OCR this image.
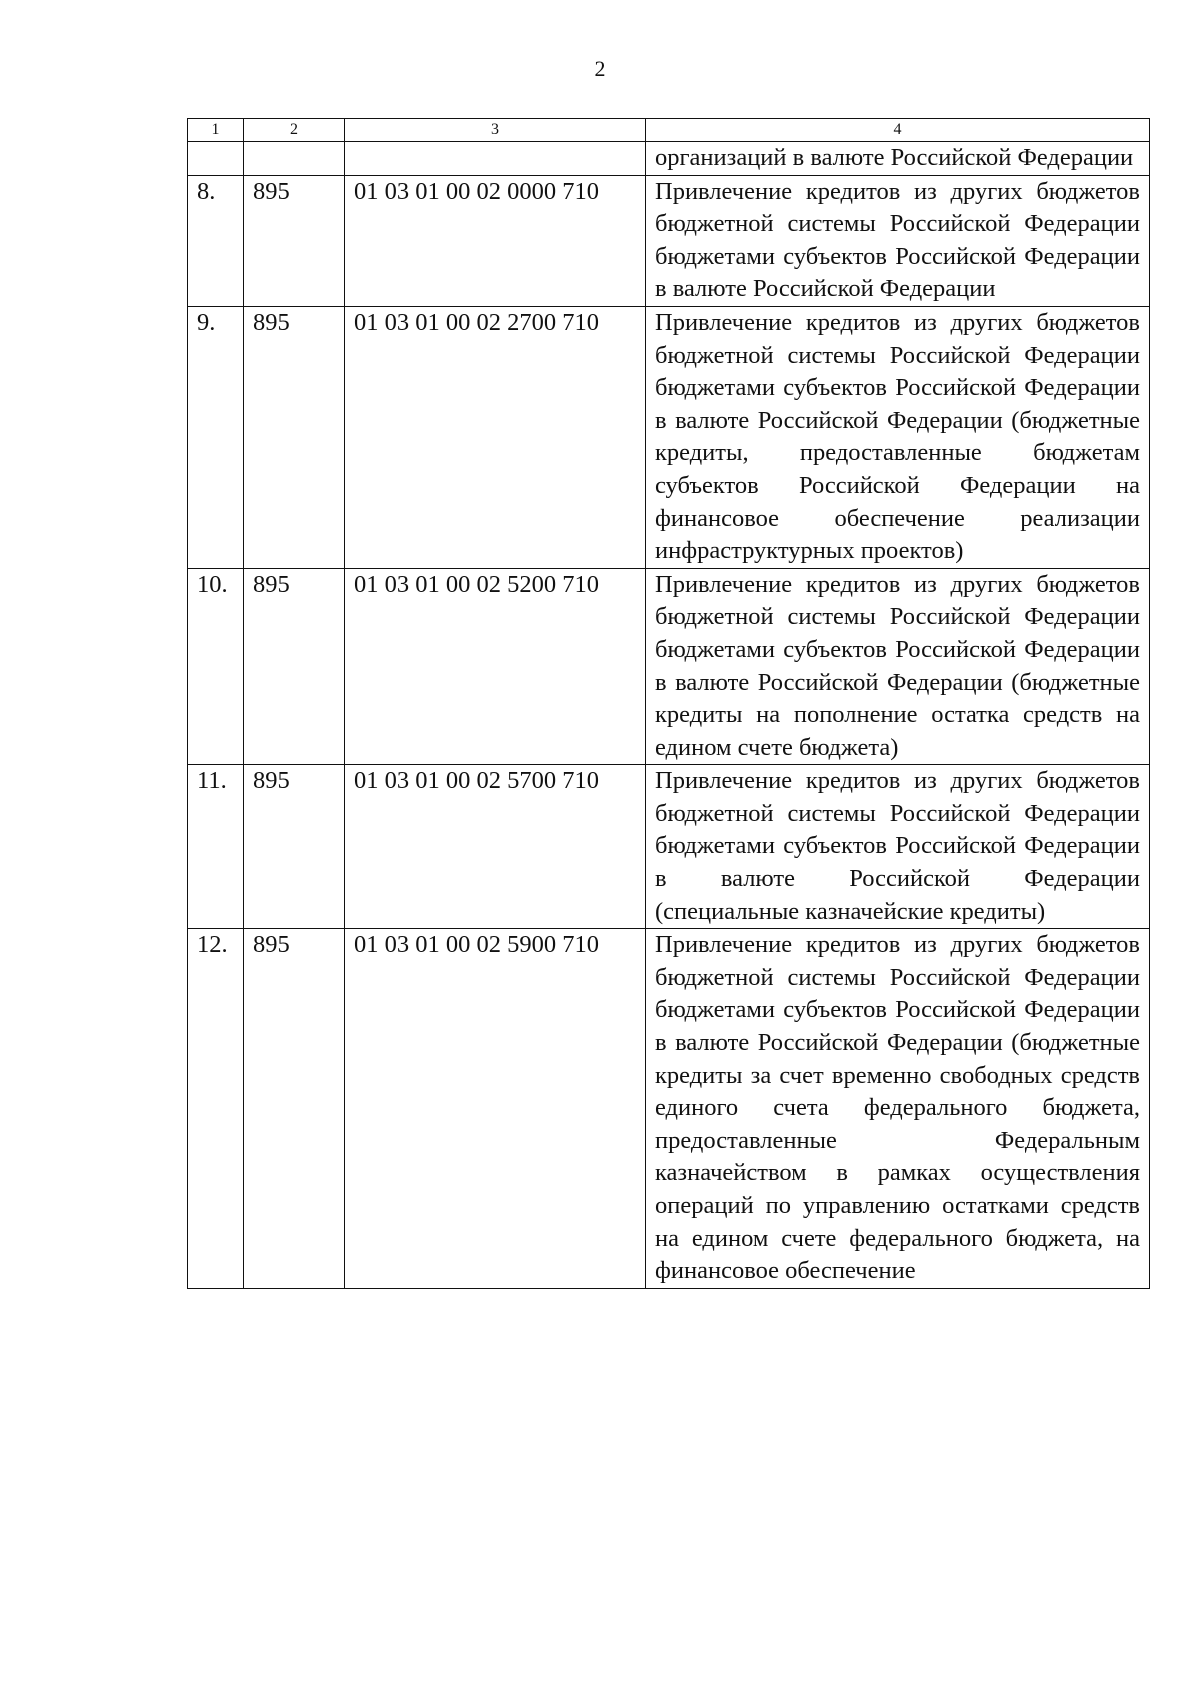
2
1	2	3	4
			организаций в валюте Российской Федерации
8.	895	01 03 01 00 02 0000 710	Привлечение кредитов из других бюджетов бюджетной системы Российской Федерации бюджетами субъектов Российской Федерации в валюте Российской Федерации
9.	895	01 03 01 00 02 2700 710	Привлечение кредитов из других бюджетов бюджетной системы Российской Федерации бюджетами субъектов Российской Федерации в валюте Российской Федерации (бюджетные кредиты, предоставленные бюджетам субъектов Российской Федерации на финансовое обеспечение реализации инфраструктурных проектов)
10.	895	01 03 01 00 02 5200 710	Привлечение кредитов из других бюджетов бюджетной системы Российской Федерации бюджетами субъектов Российской Федерации в валюте Российской Федерации (бюджетные кредиты на пополнение остатка средств на едином счете бюджета)
11.	895	01 03 01 00 02 5700 710	Привлечение кредитов из других бюджетов бюджетной системы Российской Федерации бюджетами субъектов Российской Федерации в валюте Российской Федерации (специальные казначейские кредиты)
12.	895	01 03 01 00 02 5900 710	Привлечение кредитов из других бюджетов бюджетной системы Российской Федерации бюджетами субъектов Российской Федерации в валюте Российской Федерации (бюджетные кредиты за счет временно свободных средств единого счета федерального бюджета, предоставленные Федеральным казначейством в рамках осуществления операций по управлению остатками средств на едином счете федерального бюджета, на финансовое обеспечение
